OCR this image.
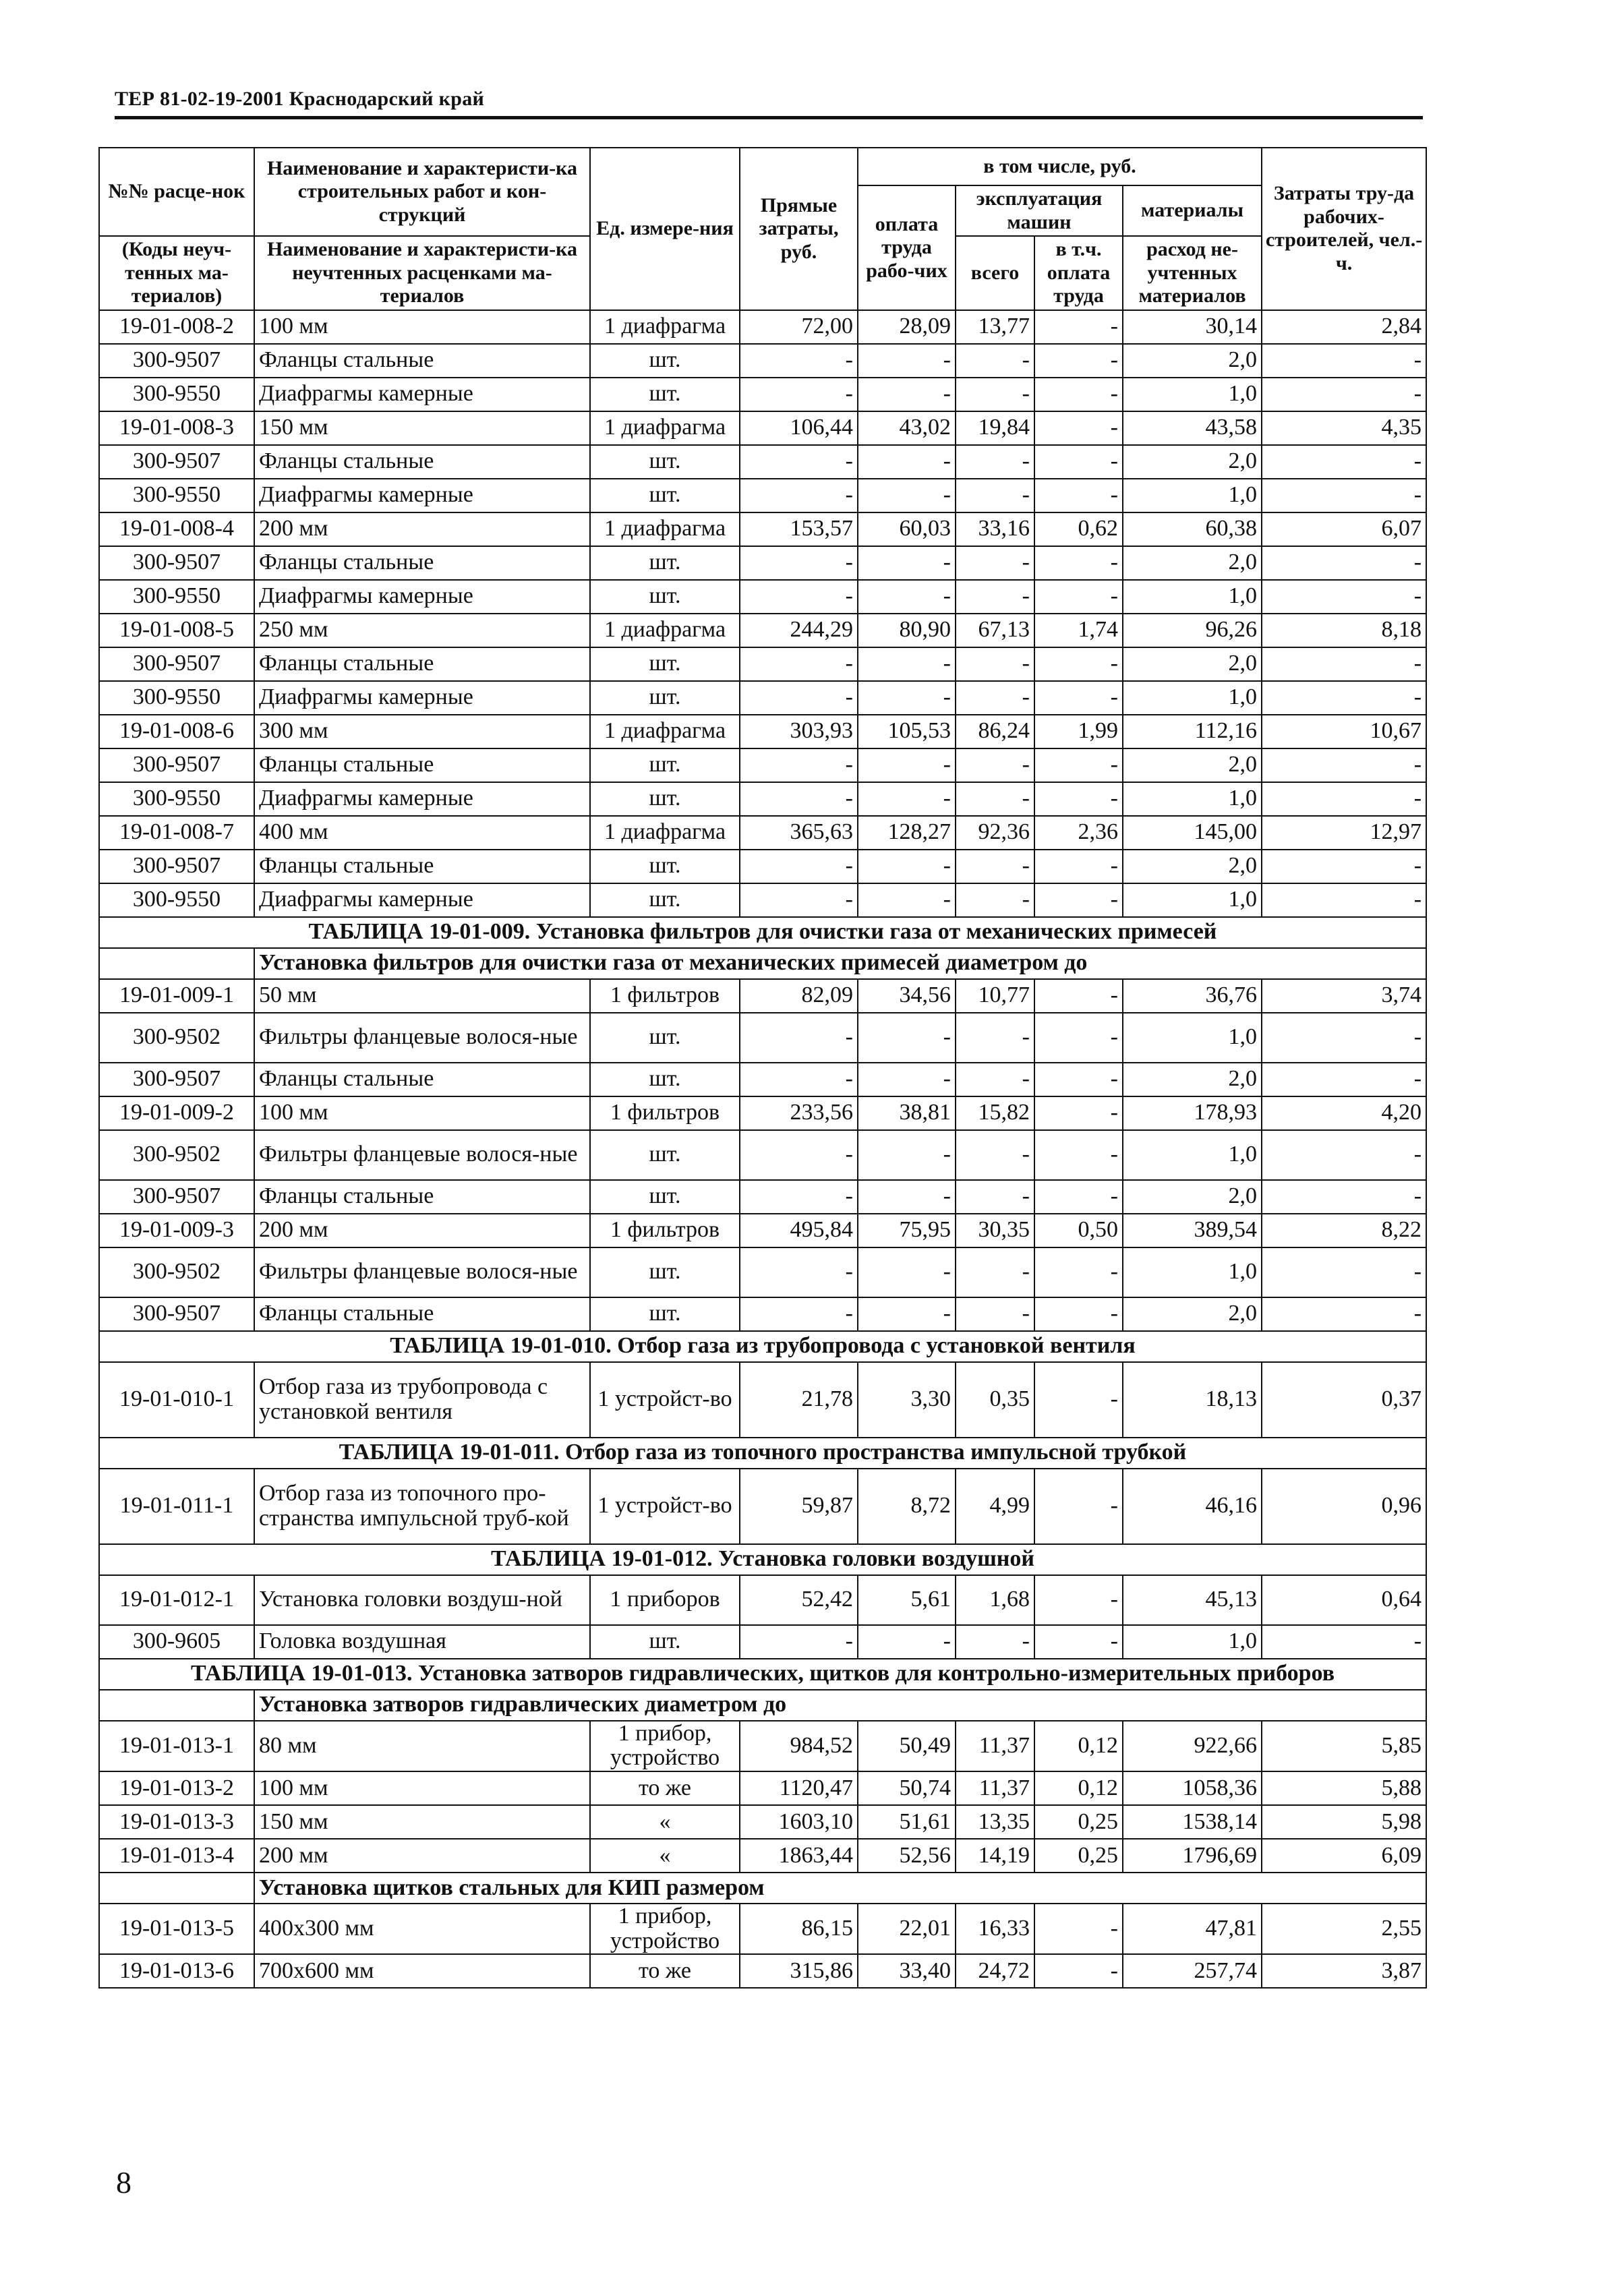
ТЕР 81-02-19-2001 Краснодарский край
№№ расце-нок	Наименование и характеристи-ка строительных работ и кон-струкций	Ед. измере-ния	Прямые затраты, руб.	в том числе, руб.				Затраты тру-да рабочих-строителей, чел.-ч.
				оплата труда рабо-чих	эксплуатация машин		материалы	
(Коды неуч-тенных ма-териалов)	Наименование и характеристи-ка неучтенных расценками ма-териалов				всего	в т.ч. оплата труда	расход не-учтенных материалов	

19-01-008-2	100 мм	1 диафрагма	72,00	28,09	13,77	-	30,14	2,84
300-9507	Фланцы стальные	шт.	-	-	-	-	2,0	-
300-9550	Диафрагмы камерные	шт.	-	-	-	-	1,0	-
19-01-008-3	150 мм	1 диафрагма	106,44	43,02	19,84	-	43,58	4,35
300-9507	Фланцы стальные	шт.	-	-	-	-	2,0	-
300-9550	Диафрагмы камерные	шт.	-	-	-	-	1,0	-
19-01-008-4	200 мм	1 диафрагма	153,57	60,03	33,16	0,62	60,38	6,07
300-9507	Фланцы стальные	шт.	-	-	-	-	2,0	-
300-9550	Диафрагмы камерные	шт.	-	-	-	-	1,0	-
19-01-008-5	250 мм	1 диафрагма	244,29	80,90	67,13	1,74	96,26	8,18
300-9507	Фланцы стальные	шт.	-	-	-	-	2,0	-
300-9550	Диафрагмы камерные	шт.	-	-	-	-	1,0	-
19-01-008-6	300 мм	1 диафрагма	303,93	105,53	86,24	1,99	112,16	10,67
300-9507	Фланцы стальные	шт.	-	-	-	-	2,0	-
300-9550	Диафрагмы камерные	шт.	-	-	-	-	1,0	-
19-01-008-7	400 мм	1 диафрагма	365,63	128,27	92,36	2,36	145,00	12,97
300-9507	Фланцы стальные	шт.	-	-	-	-	2,0	-
300-9550	Диафрагмы камерные	шт.	-	-	-	-	1,0	-
ТАБЛИЦА 19-01-009. Установка фильтров для очистки газа от механических примесей								
	Установка фильтров для очистки газа от механических примесей диаметром до							
19-01-009-1	50 мм	1 фильтров	82,09	34,56	10,77	-	36,76	3,74
300-9502	Фильтры фланцевые волося-ные	шт.	-	-	-	-	1,0	-
300-9507	Фланцы стальные	шт.	-	-	-	-	2,0	-
19-01-009-2	100 мм	1 фильтров	233,56	38,81	15,82	-	178,93	4,20
300-9502	Фильтры фланцевые волося-ные	шт.	-	-	-	-	1,0	-
300-9507	Фланцы стальные	шт.	-	-	-	-	2,0	-
19-01-009-3	200 мм	1 фильтров	495,84	75,95	30,35	0,50	389,54	8,22
300-9502	Фильтры фланцевые волося-ные	шт.	-	-	-	-	1,0	-
300-9507	Фланцы стальные	шт.	-	-	-	-	2,0	-
ТАБЛИЦА 19-01-010. Отбор газа из трубопровода с установкой вентиля								
19-01-010-1	Отбор газа из трубопровода с установкой вентиля	1 устройст-во	21,78	3,30	0,35	-	18,13	0,37
ТАБЛИЦА 19-01-011. Отбор газа из топочного пространства импульсной трубкой								
19-01-011-1	Отбор газа из топочного про-странства импульсной труб-кой	1 устройст-во	59,87	8,72	4,99	-	46,16	0,96
ТАБЛИЦА 19-01-012. Установка головки воздушной								
19-01-012-1	Установка головки воздуш-ной	1 приборов	52,42	5,61	1,68	-	45,13	0,64
300-9605	Головка воздушная	шт.	-	-	-	-	1,0	-
ТАБЛИЦА 19-01-013. Установка затворов гидравлических, щитков для контрольно-измерительных приборов								
	Установка затворов гидравлических диаметром до							
19-01-013-1	80 мм	1 прибор, устройство	984,52	50,49	11,37	0,12	922,66	5,85
19-01-013-2	100 мм	то же	1120,47	50,74	11,37	0,12	1058,36	5,88
19-01-013-3	150 мм	«	1603,10	51,61	13,35	0,25	1538,14	5,98
19-01-013-4	200 мм	«	1863,44	52,56	14,19	0,25	1796,69	6,09
	Установка щитков стальных для КИП размером							
19-01-013-5	400х300 мм	1 прибор, устройство	86,15	22,01	16,33	-	47,81	2,55
19-01-013-6	700х600 мм	то же	315,86	33,40	24,72	-	257,74	3,87
8
